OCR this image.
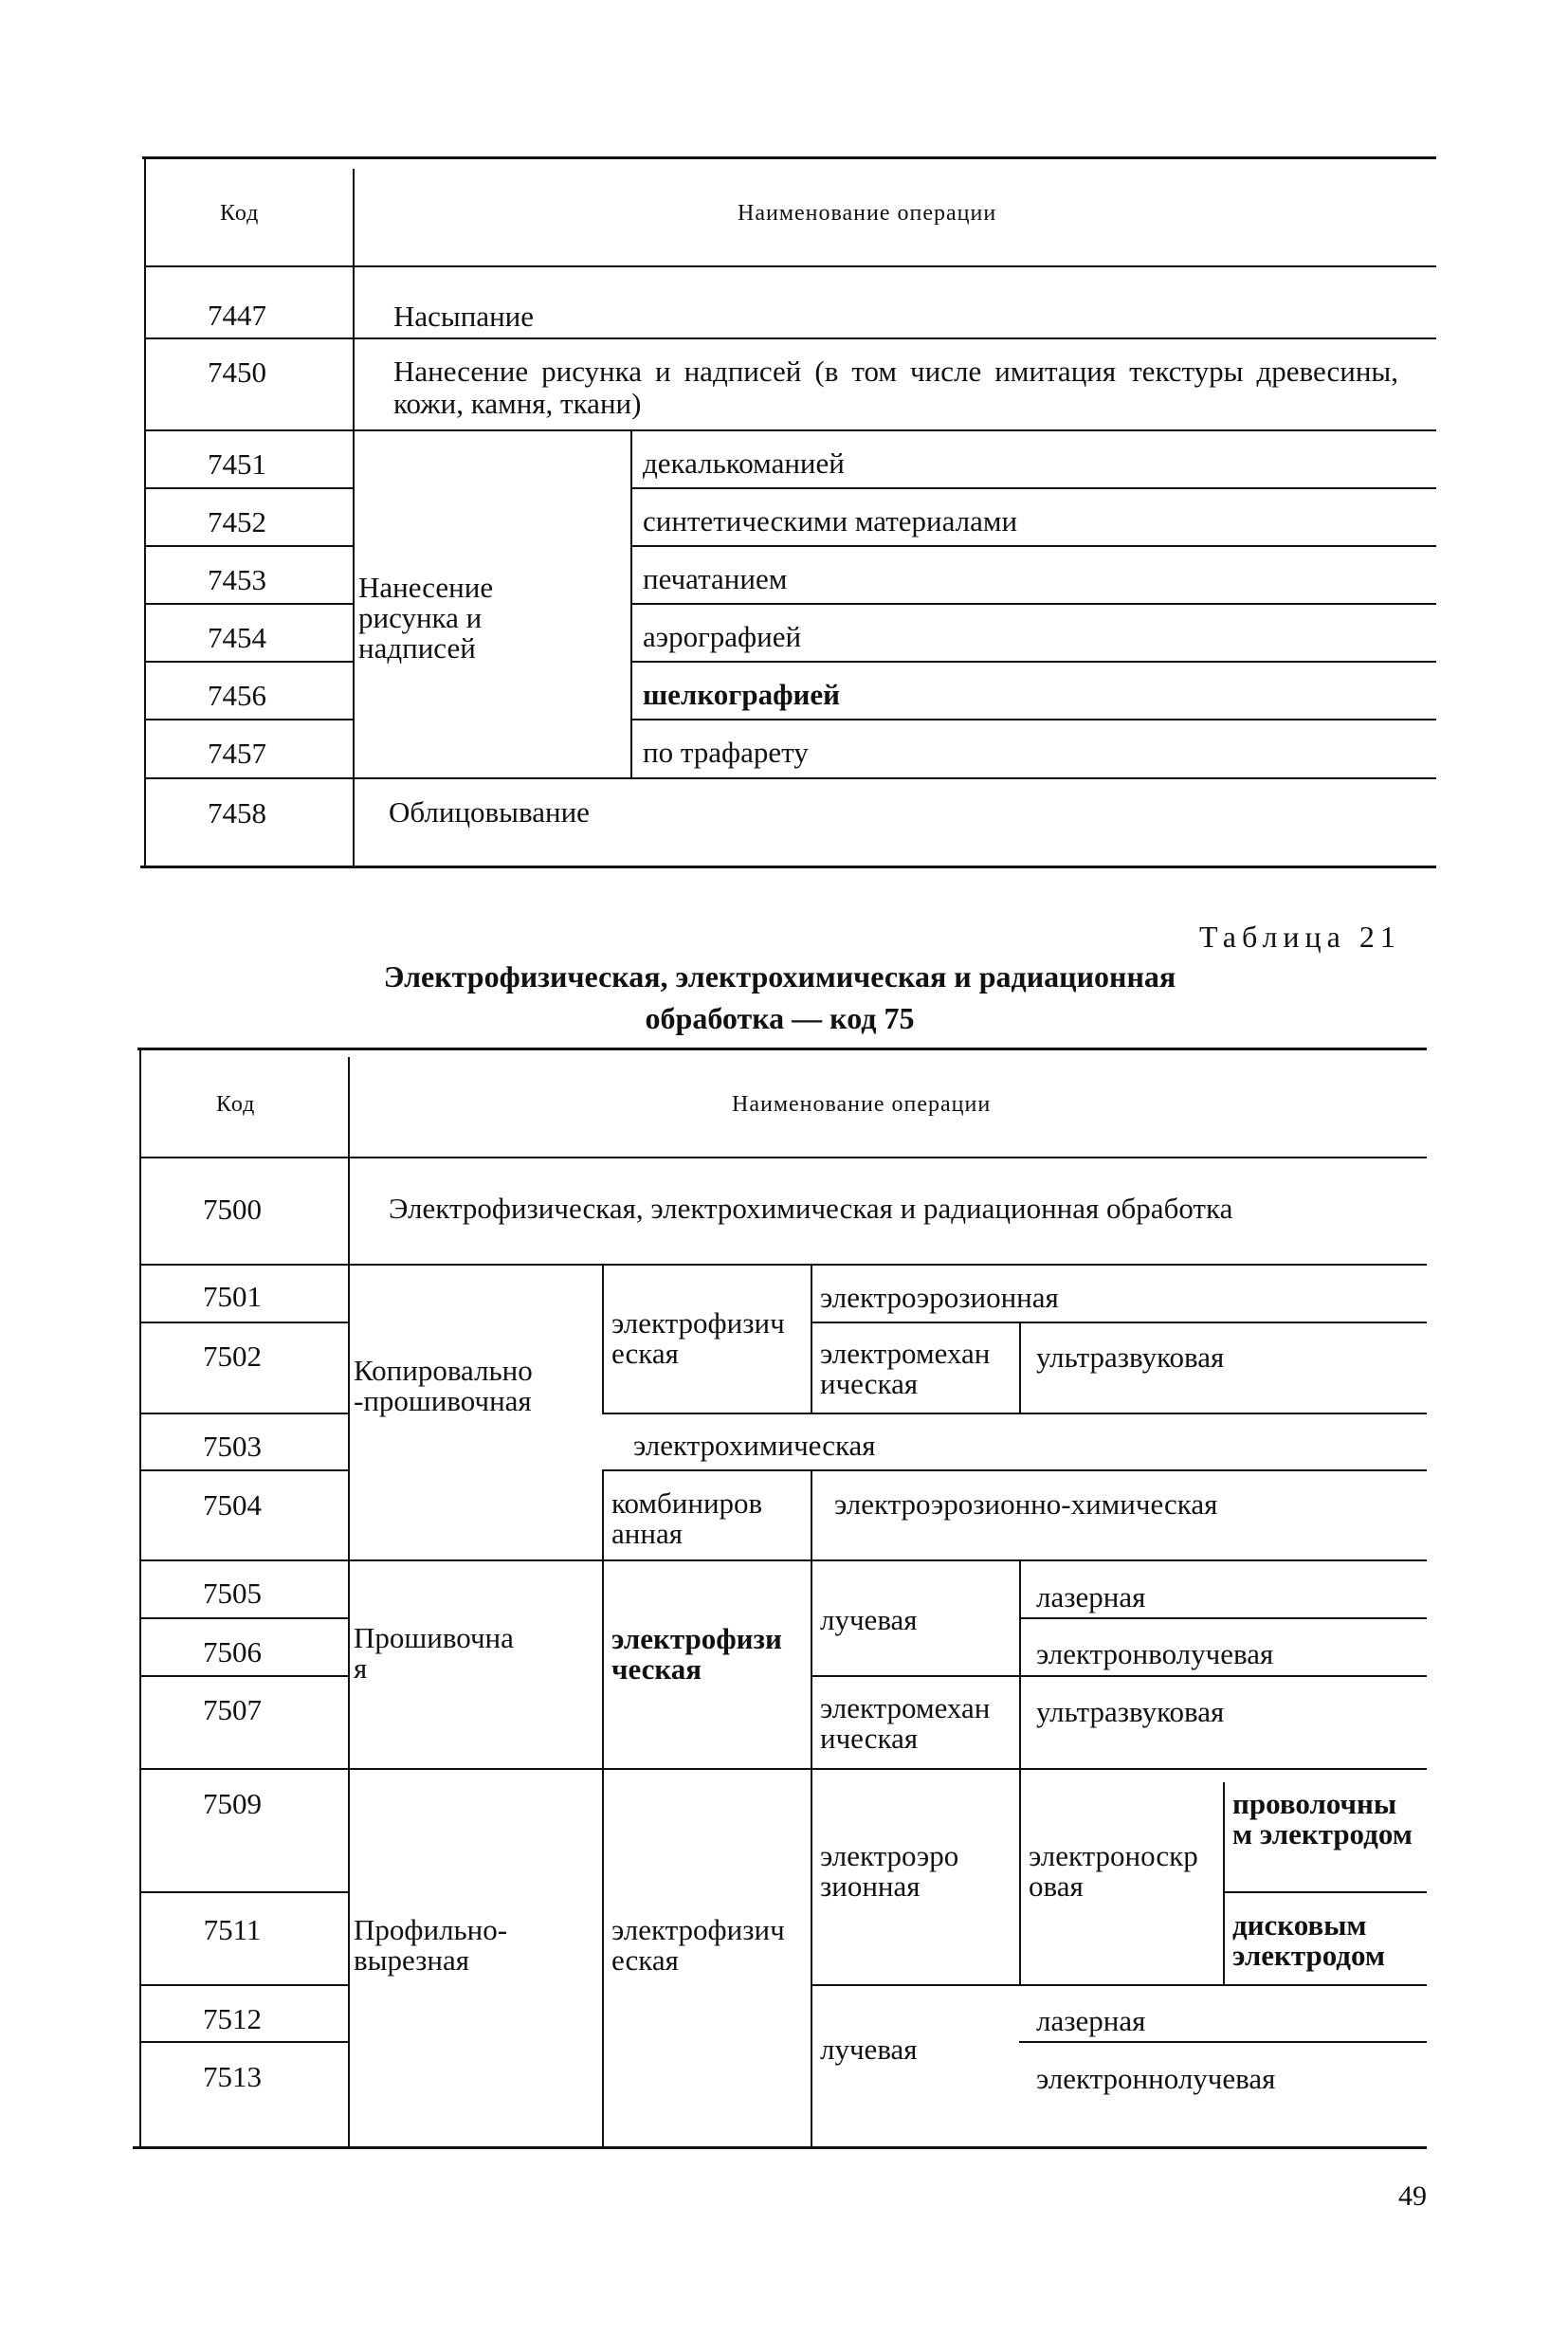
Код	Наименование операции
7447
7450
7451
7452
7453
7454
7456
7457
7458
Насыпание
Нанесение рисунка и надписей (в том числе имитация текстуры древесины, кожи, камня, ткани)
декалькоманией
синтетическими материалами
печатанием
аэрографией
шелкографией
по трафарету
Облицовывание
Нанесение рисунка и надписей
Таблица 21
Электрофизическая, электрохимическая и радиационная
обработка — код 75
Код	Наименование операции
7500
7501
7502
7503
7504
7505
7506
7507
7509
7511
7512
7513
Электрофизическая, электрохимическая и радиационная обработка
Копировально-прошивочная
Прошивочная
Профильно-вырезная
электрофизическая
электроэрозионная
электромеханическая
ультразвуковая
электрохимическая
комбинированная
электроэрозионно-химическая
электрофизическая
лучевая
лазерная
электронволучевая
электромеханическая
ультразвуковая
электрофизическая
электроэрозионная
электроноскровая
проволочным электродом
дисковым электродом
лучевая
лазерная
электроннолучевая
49
